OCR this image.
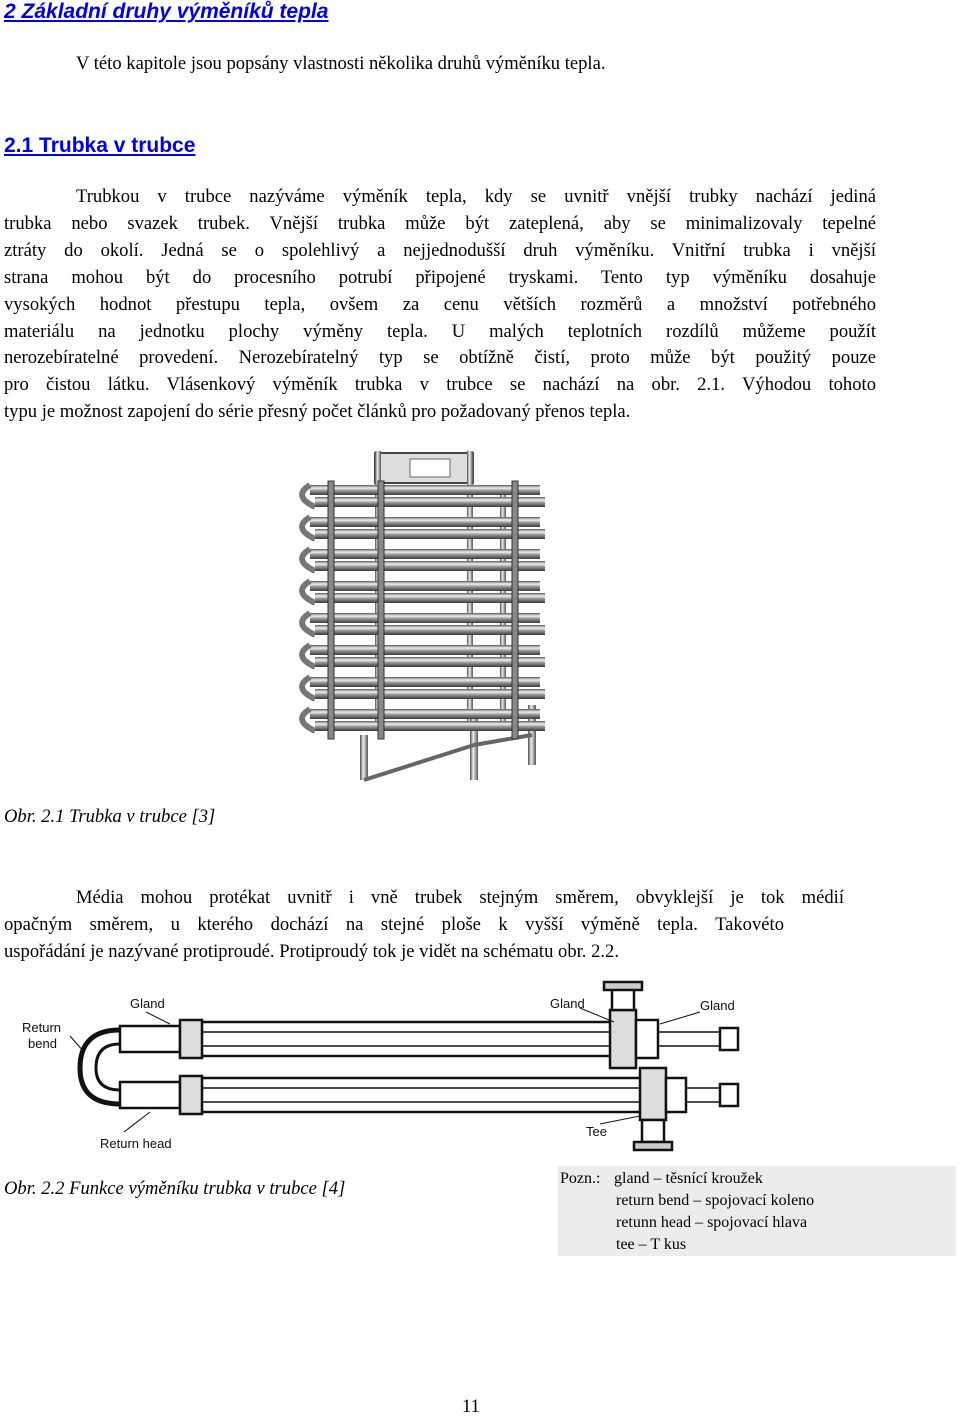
2 Základní druhy výměníků tepla
V této kapitole jsou popsány vlastnosti několika druhů výměníku tepla.
2.1 Trubka v trubce
Trubkou v trubce nazýváme výměník tepla, kdy se uvnitř vnější trubky nachází jediná
trubka nebo svazek trubek. Vnější trubka může být zateplená, aby se minimalizovaly tepelné
ztráty do okolí. Jedná se o spolehlivý a nejjednodušší druh výměníku. Vnitřní trubka i vnější
strana mohou být do procesního potrubí připojené tryskami. Tento typ výměníku dosahuje
vysokých hodnot přestupu tepla, ovšem za cenu větších rozměrů a množství potřebného
materiálu na jednotku plochy výměny tepla. U malých teplotních rozdílů můžeme použít
nerozebíratelné provedení. Nerozebíratelný typ se obtížně čistí, proto může být použitý pouze
pro čistou látku. Vlásenkový výměník trubka v trubce se nachází na obr. 2.1. Výhodou tohoto
typu je možnost zapojení do série přesný počet článků pro požadovaný přenos tepla.
Obr. 2.1 Trubka v trubce [3]
Média mohou protékat uvnitř i vně trubek stejným směrem, obvyklejší je tok médií
opačným směrem, u kterého dochází na stejné ploše k vyšší výměně tepla. Takovéto
uspořádání je nazývané protiproudé. Protiproudý tok je vidět na schématu obr. 2.2.
Gland
Return
bend
Return head
Gland	Gland
Tee
Obr. 2.2 Funkce výměníku trubka v trubce [4]	Pozn.: gland – těsnící kroužek
return bend – spojovací koleno
retunn head – spojovací hlava
tee – T kus
11
